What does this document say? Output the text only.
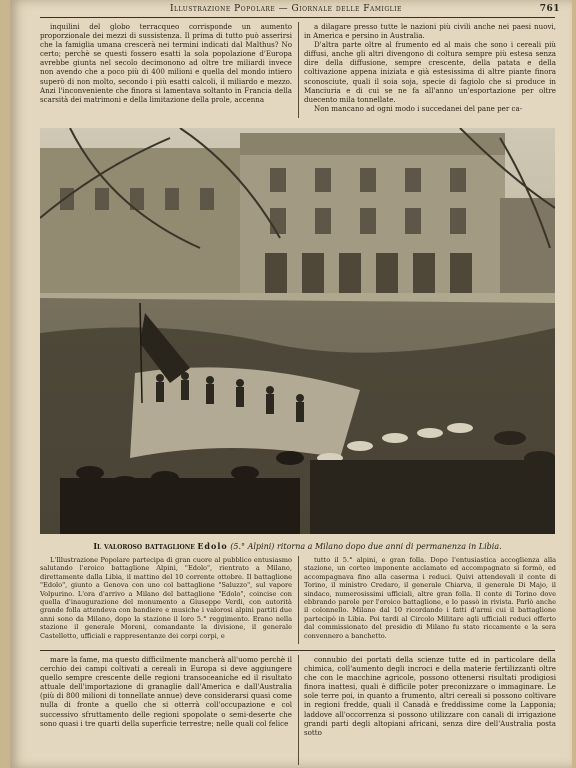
Illustrazione Popolare — Giornale delle Famiglie	761

inquilini del globo terracqueo corrisponde un aumento proporzionale dei mezzi di sussistenza. Il prima di tutto può asserirsi che la famiglia umana crescerà nei termini indicati dal Malthus? No certo; perchè se questi fossero esatti la sola popolazione d'Europa avrebbe giunta nel secolo decimonono ad oltre tre miliardi invece non avendo che a poco più di 400 milioni e quella del mondo intiero superò di non molto, secondo i più esatti calcoli, il miliardo e mezzo. Anzi l'inconveniente che finora si lamentava soltanto in Francia della scarsità dei matrimoni e della limitazione della prole, accenna

a dilagare presso tutte le nazioni più civili anche nei paesi nuovi, in America e persino in Australia.

D'altra parte oltre al frumento ed al mais che sono i cereali più diffusi, anche gli altri divengono di coltura sempre più estesa senza dire della diffusione, sempre crescente, della patata e della coltivazione appena iniziata e già estesissima di altre piante finora sconosciute, quali il soia soja, specie di fagiolo che si produce in Manciuria e di cui se ne fa all'anno un'esportazione per oltre duecento mila tonnellate.

Non mancano ad ogni modo i succedanei del pane per ca-

Il valoroso battaglione Edolo (5.° Alpini) ritorna a Milano dopo due anni di permanenza in Libia.

L'Illustrazione Popolare partecipa di gran cuore al pubblico entusiasmo salutando l'eroico battaglione Alpini, "Edolo", rientrato a Milano, direttamente dalla Libia, il mattino del 10 corrente ottobre. Il battaglione "Edolo", giunto a Genova con uno col battaglione "Saluzzo", sul vapore Volpurino. L'ora d'arrivo a Milano del battaglione "Edolo", coincise con quella d'inaugurazione del monumento a Giuseppe Verdi, con autorità grande folla attendeva con bandiere e musiche i valorosi alpini partiti due anni sono da Milano, dopo la stazione il loro 5.° reggimento. Erano nella stazione il generale Moreni, comandante la divisione, il generale Castelletto, ufficiali e rappresentanze dei corpi corpi, e

tutto il 5.° alpini, e gran folla. Dopo l'entusiastica accoglienza alla stazione, un corteo imponente acclamato ed accompagnato si formò, ed accompagnava fino alla caserma i reduci. Quivi attendevali il conte di Torino, il ministro Credaro, il generale Chiarva, il generale Di Majo, il sindaco, numerosissimi ufficiali, altre gran folla. Il conte di Torino dove ebbrando parole per l'eroico battaglione, e lo passò in rivista. Parlò anche il colonnello. Milano dal 10 ricordando i fatti d'armi cui il battaglione partecipò in Libia. Poi tardi al Circolo Militare agli ufficiali reduci offerto dal commissionato del presidio di Milano fu stato riccamente e la sera convennero a banchetto.

mare la fame, ma questo difficilmente mancherà all'uomo perchè il cerchio dei campi coltivati a cereali in Europa si deve aggiungere quello sempre crescente delle regioni transoceaniche ed il risultato attuale dell'importazione di granaglie dall'America e dall'Australia (più di 800 milioni di tonnellate annue) deve considerarsi quasi come nulla di fronte a quello che si otterrà coll'occupazione e col successivo sfruttamento delle regioni spopolate o semi-deserte che sono quasi i tre quarti della superficie terrestre; nelle quali col felice

connubio dei portati della scienze tutte ed in particolare della chimica, coll'aumento degli incroci e della materie fertilizzanti oltre che con le macchine agricole, possono ottenersi risultati prodigiosi finora inattesi, quali è difficile poter preconizzare o immaginare. Le sole terre poi, in quanto a frumento, altri cereali si possono coltivare in regioni fredde, quali il Canadà e freddissime come la Lapponia; laddove all'occorrenza si possono utilizzare con canali di irrigazione grandi parti degli altopiani africani, senza dire dell'Australia posta sotto
